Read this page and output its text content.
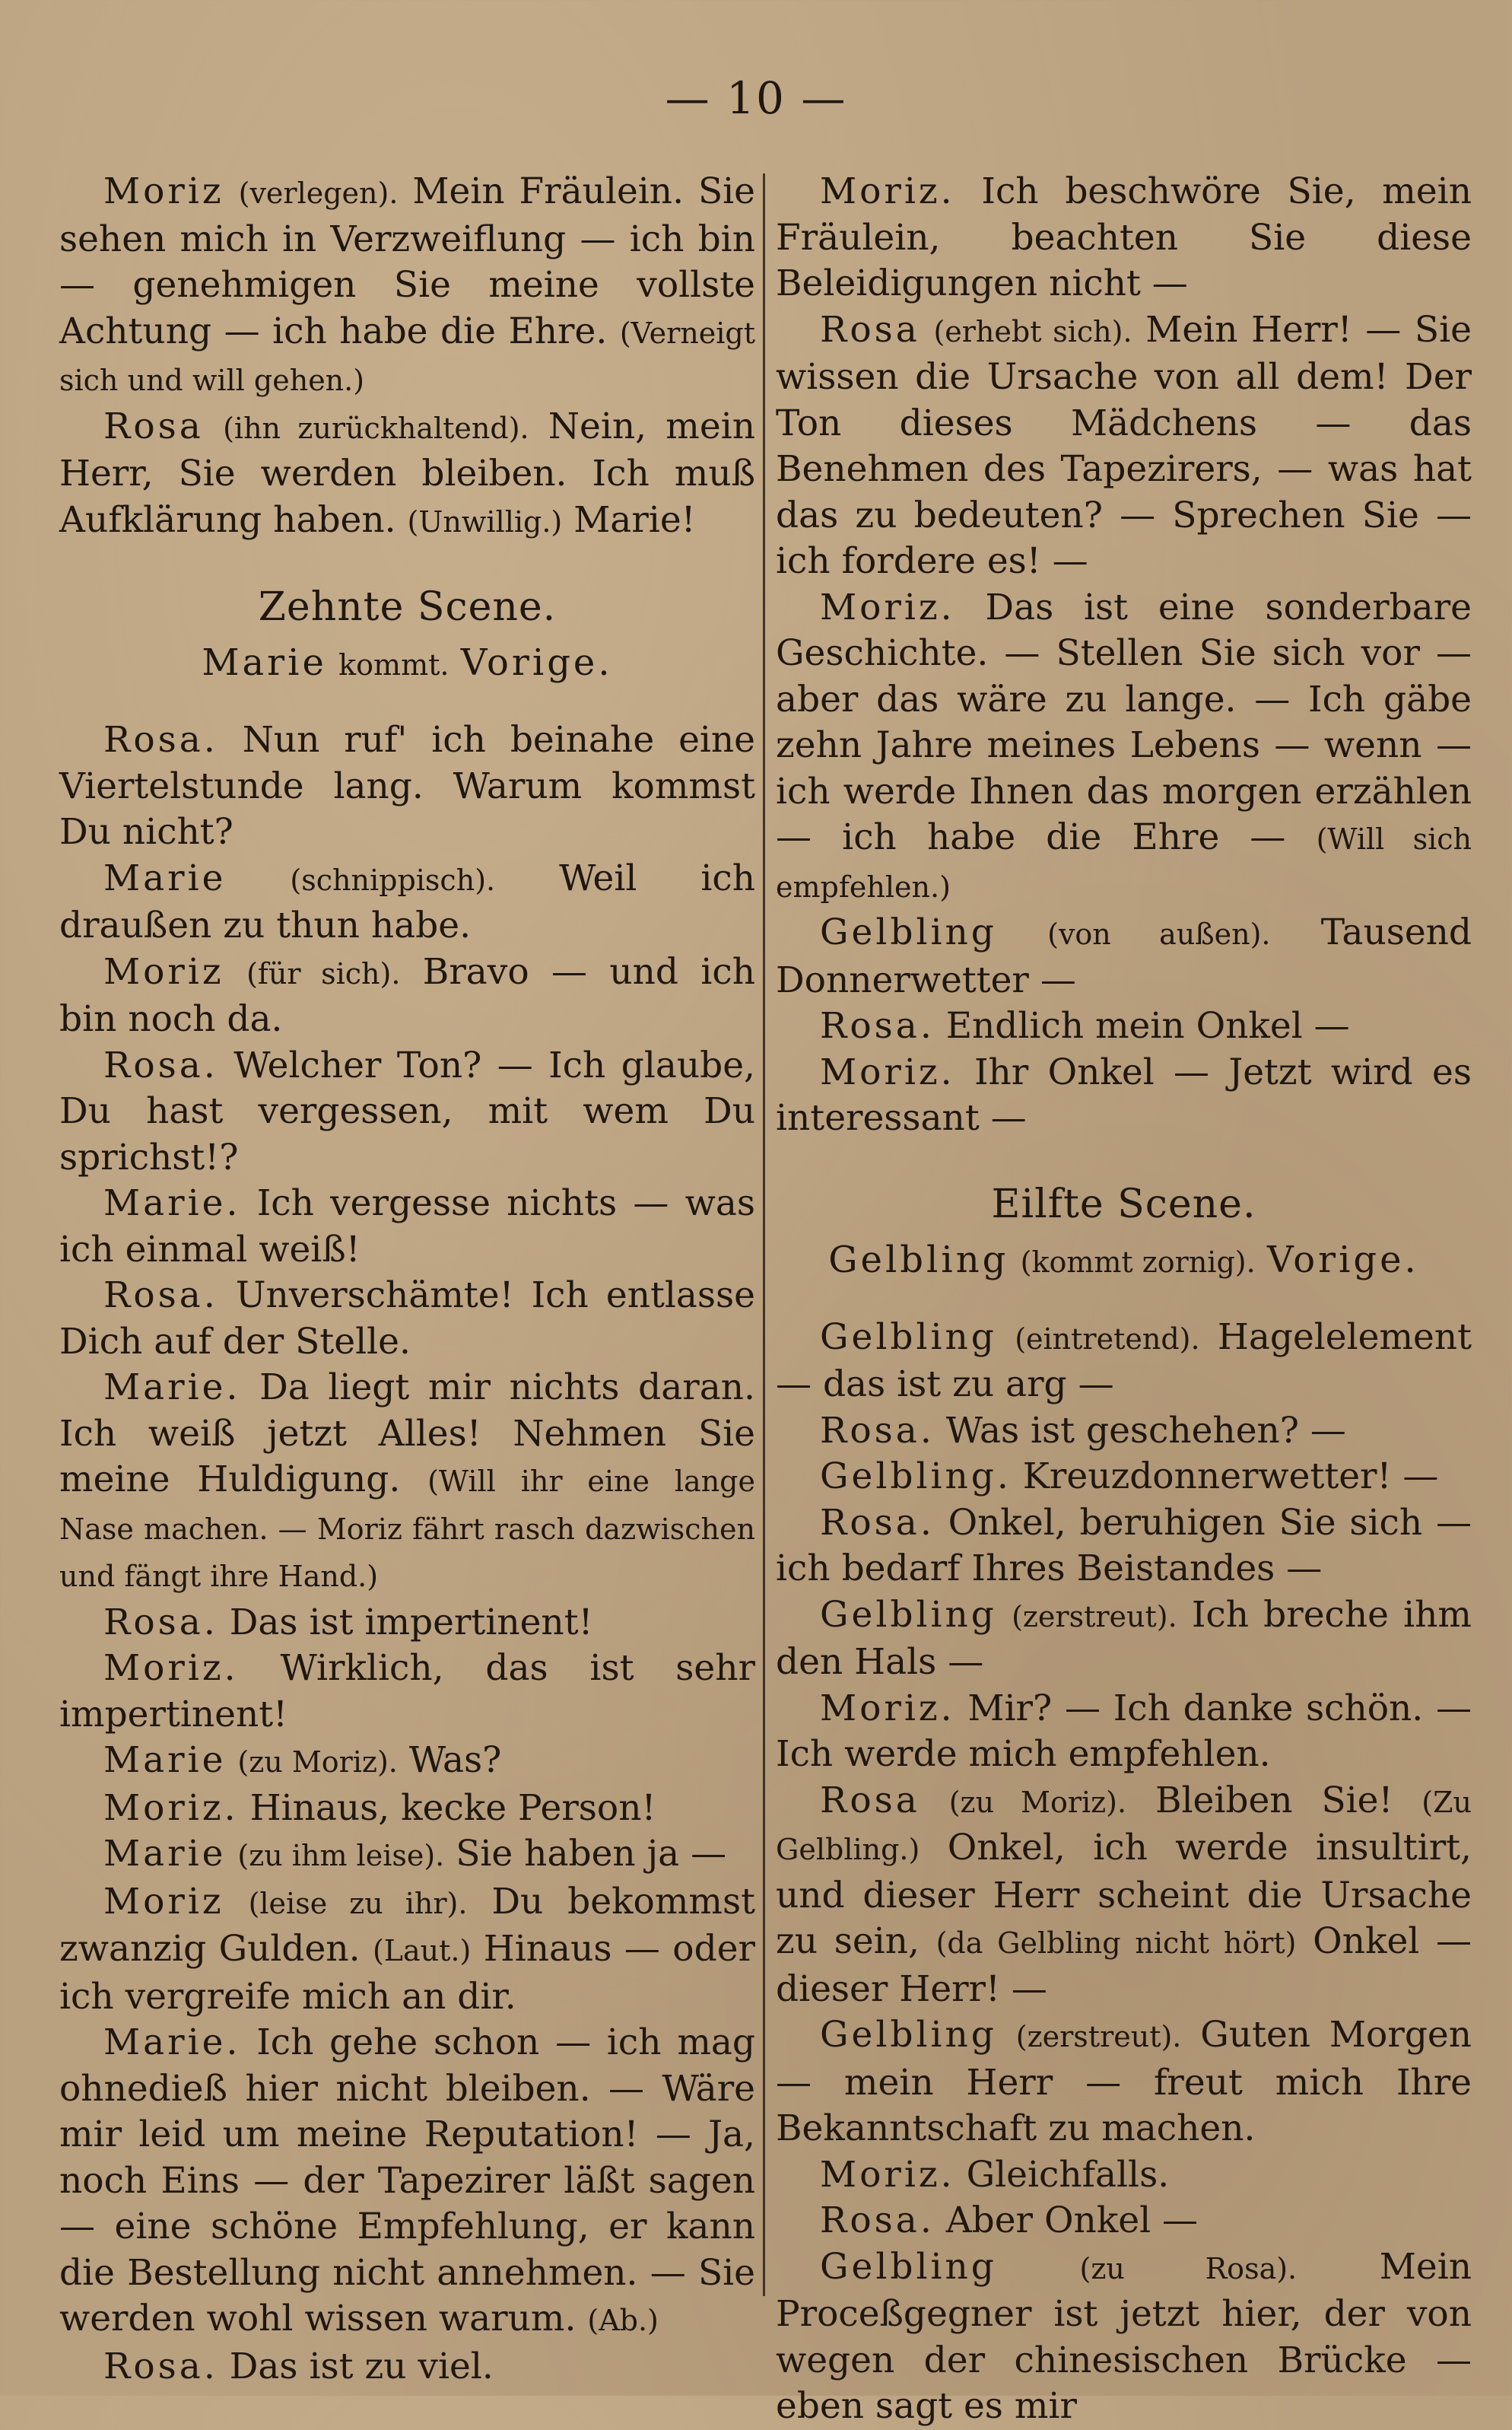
— 10 —

Moriz (verlegen). Mein Fräulein. Sie sehen mich in Verzweiflung — ich bin — genehmigen Sie meine vollste Achtung — ich habe die Ehre. (Verneigt sich und will gehen.)

Rosa (ihn zurückhaltend). Nein, mein Herr, Sie werden bleiben. Ich muß Aufklärung haben. (Unwillig.) Marie!

Zehnte Scene.
Marie kommt. Vorige.

Rosa. Nun ruf' ich beinahe eine Viertelstunde lang. Warum kommst Du nicht?

Marie (schnippisch). Weil ich draußen zu thun habe.

Moriz (für sich). Bravo — und ich bin noch da.

Rosa. Welcher Ton? — Ich glaube, Du hast vergessen, mit wem Du sprichst!?

Marie. Ich vergesse nichts — was ich einmal weiß!

Rosa. Unverschämte! Ich entlasse Dich auf der Stelle.

Marie. Da liegt mir nichts daran. Ich weiß jetzt Alles! Nehmen Sie meine Huldigung. (Will ihr eine lange Nase machen. — Moriz fährt rasch dazwischen und fängt ihre Hand.)

Rosa. Das ist impertinent!

Moriz. Wirklich, das ist sehr impertinent!

Marie (zu Moriz). Was?

Moriz. Hinaus, kecke Person!

Marie (zu ihm leise). Sie haben ja —

Moriz (leise zu ihr). Du bekommst zwanzig Gulden. (Laut.) Hinaus — oder ich vergreife mich an dir.

Marie. Ich gehe schon — ich mag ohnedieß hier nicht bleiben. — Wäre mir leid um meine Reputation! — Ja, noch Eins — der Tapezirer läßt sagen — eine schöne Empfehlung, er kann die Bestellung nicht annehmen. — Sie werden wohl wissen warum. (Ab.)

Rosa. Das ist zu viel.

Moriz. Ich beschwöre Sie, mein Fräulein, beachten Sie diese Beleidigungen nicht —

Rosa (erhebt sich). Mein Herr! — Sie wissen die Ursache von all dem! Der Ton dieses Mädchens — das Benehmen des Tapezirers, — was hat das zu bedeuten? — Sprechen Sie — ich fordere es! —

Moriz. Das ist eine sonderbare Geschichte. — Stellen Sie sich vor — aber das wäre zu lange. — Ich gäbe zehn Jahre meines Lebens — wenn — ich werde Ihnen das morgen erzählen — ich habe die Ehre — (Will sich empfehlen.)

Gelbling (von außen). Tausend Donnerwetter —

Rosa. Endlich mein Onkel —

Moriz. Ihr Onkel — Jetzt wird es interessant —

Eilfte Scene.
Gelbling (kommt zornig). Vorige.

Gelbling (eintretend). Hagelelement — das ist zu arg —

Rosa. Was ist geschehen? —

Gelbling. Kreuzdonnerwetter! —

Rosa. Onkel, beruhigen Sie sich — ich bedarf Ihres Beistandes —

Gelbling (zerstreut). Ich breche ihm den Hals —

Moriz. Mir? — Ich danke schön. — Ich werde mich empfehlen.

Rosa (zu Moriz). Bleiben Sie! (Zu Gelbling.) Onkel, ich werde insultirt, und dieser Herr scheint die Ursache zu sein, (da Gelbling nicht hört) Onkel — dieser Herr! —

Gelbling (zerstreut). Guten Morgen — mein Herr — freut mich Ihre Bekanntschaft zu machen.

Moriz. Gleichfalls.

Rosa. Aber Onkel —

Gelbling	(zu Rosa). Mein Proceßgegner ist jetzt hier, der von wegen der chinesischen Brücke — eben sagt es mir
